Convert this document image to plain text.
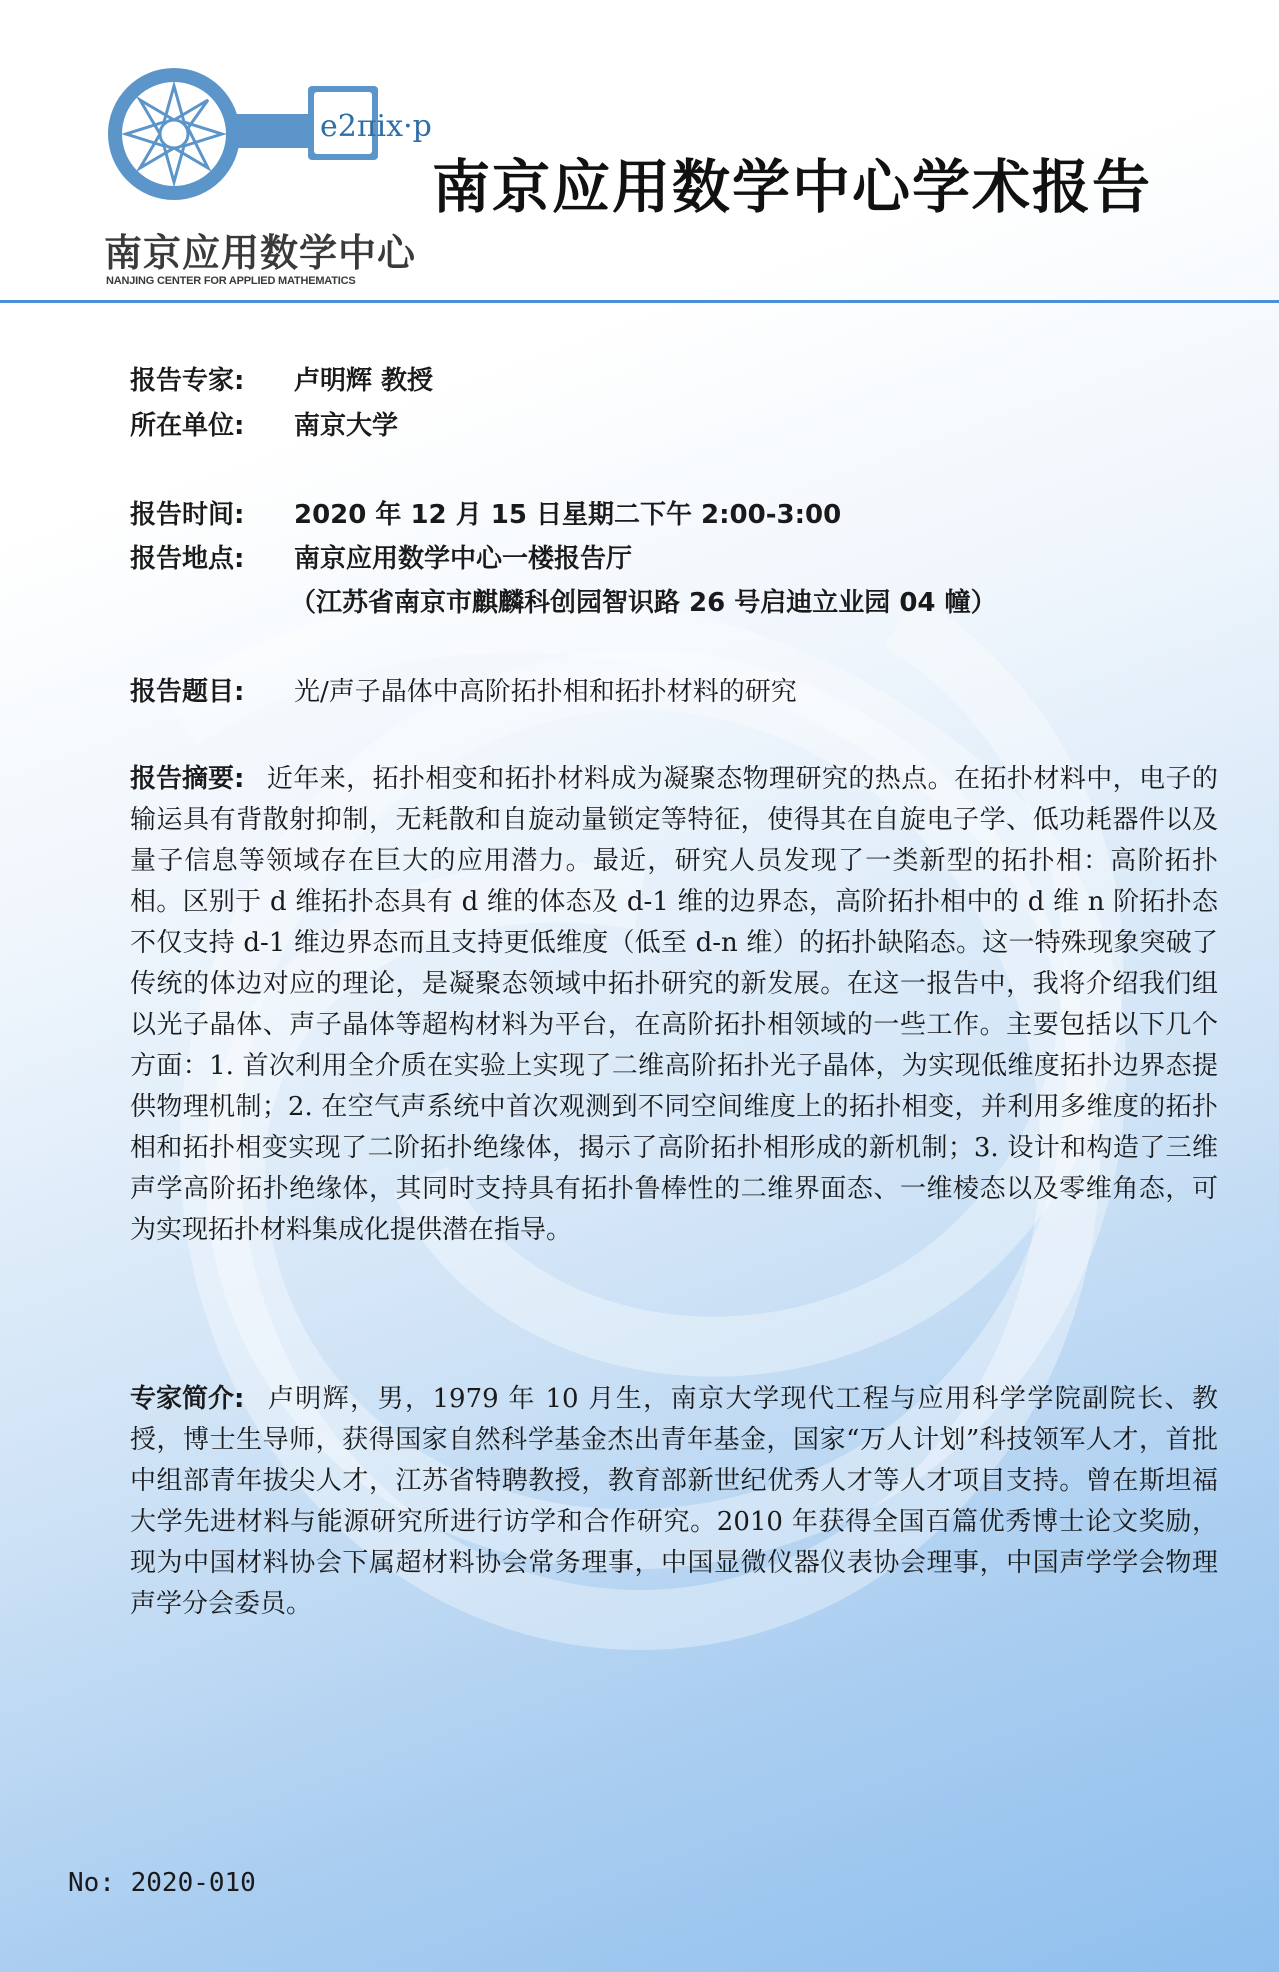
e2πix·p
南京应用数学中心
NANJING CENTER FOR APPLIED MATHEMATICS
南京应用数学中心学术报告
报告专家: 卢明辉 教授
所在单位: 南京大学
报告时间: 2020 年 12 月 15 日星期二下午 2:00-3:00
报告地点: 南京应用数学中心一楼报告厅
（江苏省南京市麒麟科创园智识路 26 号启迪立业园 04 幢）
报告题目: 光/声子晶体中高阶拓扑相和拓扑材料的研究
报告摘要: 近年来，拓扑相变和拓扑材料成为凝聚态物理研究的热点。在拓扑材料中，电子的输运具有背散射抑制，无耗散和自旋动量锁定等特征，使得其在自旋电子学、低功耗器件以及量子信息等领域存在巨大的应用潜力。最近，研究人员发现了一类新型的拓扑相：高阶拓扑相。区别于 d 维拓扑态具有 d 维的体态及 d-1 维的边界态，高阶拓扑相中的 d 维 n 阶拓扑态不仅支持 d-1 维边界态而且支持更低维度（低至 d-n 维）的拓扑缺陷态。这一特殊现象突破了传统的体边对应的理论，是凝聚态领域中拓扑研究的新发展。在这一报告中，我将介绍我们组以光子晶体、声子晶体等超构材料为平台，在高阶拓扑相领域的一些工作。主要包括以下几个方面：1. 首次利用全介质在实验上实现了二维高阶拓扑光子晶体，为实现低维度拓扑边界态提供物理机制；2. 在空气声系统中首次观测到不同空间维度上的拓扑相变，并利用多维度的拓扑相和拓扑相变实现了二阶拓扑绝缘体，揭示了高阶拓扑相形成的新机制；3. 设计和构造了三维声学高阶拓扑绝缘体，其同时支持具有拓扑鲁棒性的二维界面态、一维棱态以及零维角态，可为实现拓扑材料集成化提供潜在指导。
专家简介: 卢明辉，男，1979 年 10 月生，南京大学现代工程与应用科学学院副院长、教授，博士生导师，获得国家自然科学基金杰出青年基金，国家“万人计划”科技领军人才，首批中组部青年拔尖人才，江苏省特聘教授，教育部新世纪优秀人才等人才项目支持。曾在斯坦福大学先进材料与能源研究所进行访学和合作研究。2010 年获得全国百篇优秀博士论文奖励，现为中国材料协会下属超材料协会常务理事，中国显微仪器仪表协会理事，中国声学学会物理声学分会委员。
No: 2020-010
